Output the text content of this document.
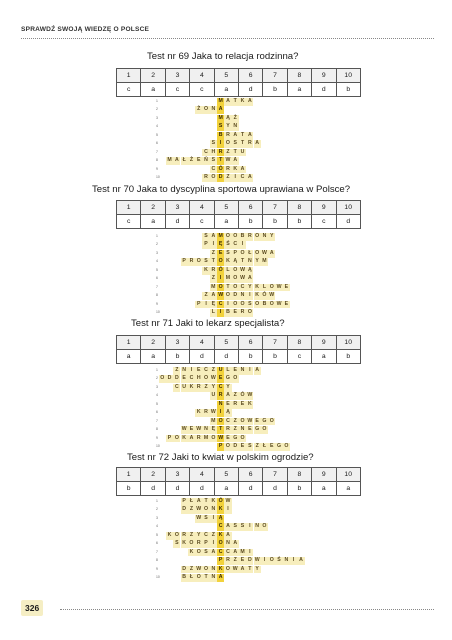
SPRAWDŹ SWOJĄ WIEDZĘ O POLSCE
Test nr 69 Jaka to relacja rodzinna?
1	2	3	4	5	6	7	8	9	10
c	a	c	c	a	d	b	a	d	b
1	M A T K A
2	Ż O N A
3	M Ą Ż
4	S Y N
5	B R A T A
6	S I O S T R A
7	C H R Z T U
8 M A Ł Ż E Ń S T W A
9	C Ó R K A
10	R O D Z I C A
Test nr 70 Jaka to dyscyplina sportowa uprawiana w Polsce?
1	2	3	4	5	6	7	8	9	10
c	a	d	c	a	b	b	b	c	d
1	S A M O O B R O N Y
2	P I Ę Ś C I
3	Z E S P O Ł O W A
4	P R O S T O K Ą T N Y M
5	K R Ó L O W Ą
6	Z I M O W A
7	M O T O C Y K L O W E
8	Z A W O D N I K Ó W
9	P I Ę C I O O S O B O W E
10	L I B E R O
Test nr 71 Jaki to lekarz specjalista?
1	2	3	4	5	6	7	8	9	10
a	a	b	d	d	b	b	c	a	b
1	Z N I E C Z U L E N I A
2 O D D E C H O W E G O
3	C U K R Z Y C Y
4	U R A Z Ó W
5	N E R E K
6	K R W I Ą
7	M O C Z O W E G O
8	W E W N Ę T R Z N E G O
9	P O K A R M O W E G O
10	P O D E S Z Ł E G O
Test nr 72 Jaki to kwiat w polskim ogrodzie?
1	2	3	4	5	6	7	8	9	10
b	d	d	d	a	d	d	b	a	a
1	P Ł A T K Ó W
2	D Z W O N K I
3	W S I Ą
4	C A S S I N O
5	K O R Z Y C Z K A
6	S K O R P I O N A
7	K O S A C C A M I
8	P R Z E D W I O Ś N I A
9	D Z W O N K O W A T Y
10	B Ł O T N A
326
